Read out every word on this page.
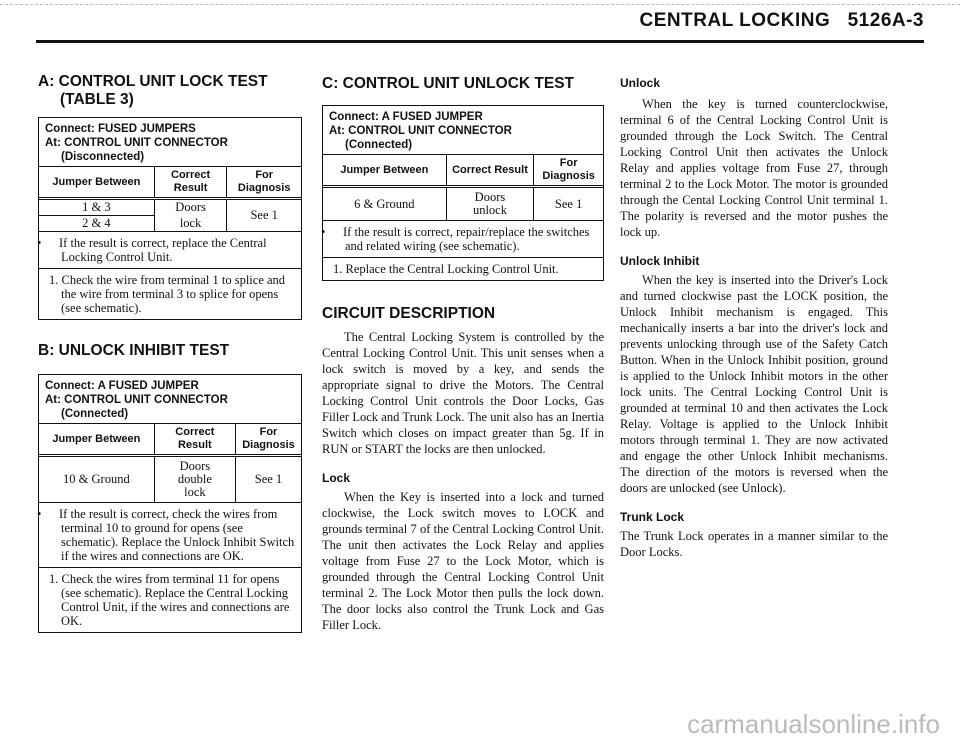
CENTRAL LOCKING   5126A-3
A: CONTROL UNIT LOCK TEST
(TABLE 3)
Connect: FUSED JUMPERS
At: CONTROL UNIT CONNECTOR
(Disconnected)
Jumper Between	Correct Result	For Diagnosis
1 & 3	Doors	See 1
2 & 4	lock	
• If the result is correct, replace the Central Locking Control Unit.
1. Check the wire from terminal 1 to splice and the wire from terminal 3 to splice for opens (see schematic).
B: UNLOCK INHIBIT TEST
Connect: A FUSED JUMPER
At: CONTROL UNIT CONNECTOR
(Connected)
Jumper Between	Correct Result	For Diagnosis
10 & Ground	Doors double lock	See 1
• If the result is correct, check the wires from terminal 10 to ground for opens (see schematic). Replace the Unlock Inhibit Switch if the wires and connections are OK.
1. Check the wires from terminal 11 for opens (see schematic). Replace the Central Locking Control Unit, if the wires and connections are OK.
C: CONTROL UNIT UNLOCK TEST
Connect: A FUSED JUMPER
At: CONTROL UNIT CONNECTOR
(Connected)
Jumper Between	Correct Result	For Diagnosis
6 & Ground	Doors unlock	See 1
• If the result is correct, repair/replace the switches and related wiring (see schematic).
1. Replace the Central Locking Control Unit.
CIRCUIT DESCRIPTION

The Central Locking System is controlled by the Central Locking Control Unit. This unit senses when a lock switch is moved by a key, and sends the appropriate signal to drive the Motors. The Central Locking Control Unit controls the Door Locks, Gas Filler Lock and Trunk Lock. The unit also has an Inertia Switch which closes on impact greater than 5g. If in RUN or START the locks are then unlocked.

Lock

When the Key is inserted into a lock and turned clockwise, the Lock switch moves to LOCK and grounds terminal 7 of the Central Locking Control Unit. The unit then activates the Lock Relay and applies voltage from Fuse 27 to the Lock Motor, which is grounded through the Central Locking Control Unit terminal 2. The Lock Motor then pulls the lock down. The door locks also control the Trunk Lock and Gas Filler Lock.

Unlock

When the key is turned counterclockwise, terminal 6 of the Central Locking Control Unit is grounded through the Lock Switch. The Central Locking Control Unit then activates the Unlock Relay and applies voltage from Fuse 27, through terminal 2 to the Lock Motor. The motor is grounded through the Cental Locking Control Unit terminal 1. The polarity is reversed and the motor pushes the lock up.

Unlock Inhibit

When the key is inserted into the Driver's Lock and turned clockwise past the LOCK position, the Unlock Inhibit mechanism is engaged. This mechanically inserts a bar into the driver's lock and prevents unlocking through use of the Safety Catch Button. When in the Unlock Inhibit position, ground is applied to the Unlock Inhibit motors in the other lock units. The Central Locking Control Unit is grounded at terminal 10 and then activates the Lock Relay. Voltage is applied to the Unlock Inhibit motors through terminal 1. They are now activated and engage the other Unlock Inhibit mechanisms. The direction of the motors is reversed when the doors are unlocked (see Unlock).

Trunk Lock

The Trunk Lock operates in a manner similar to the Door Locks.

carmanualsonline.info
